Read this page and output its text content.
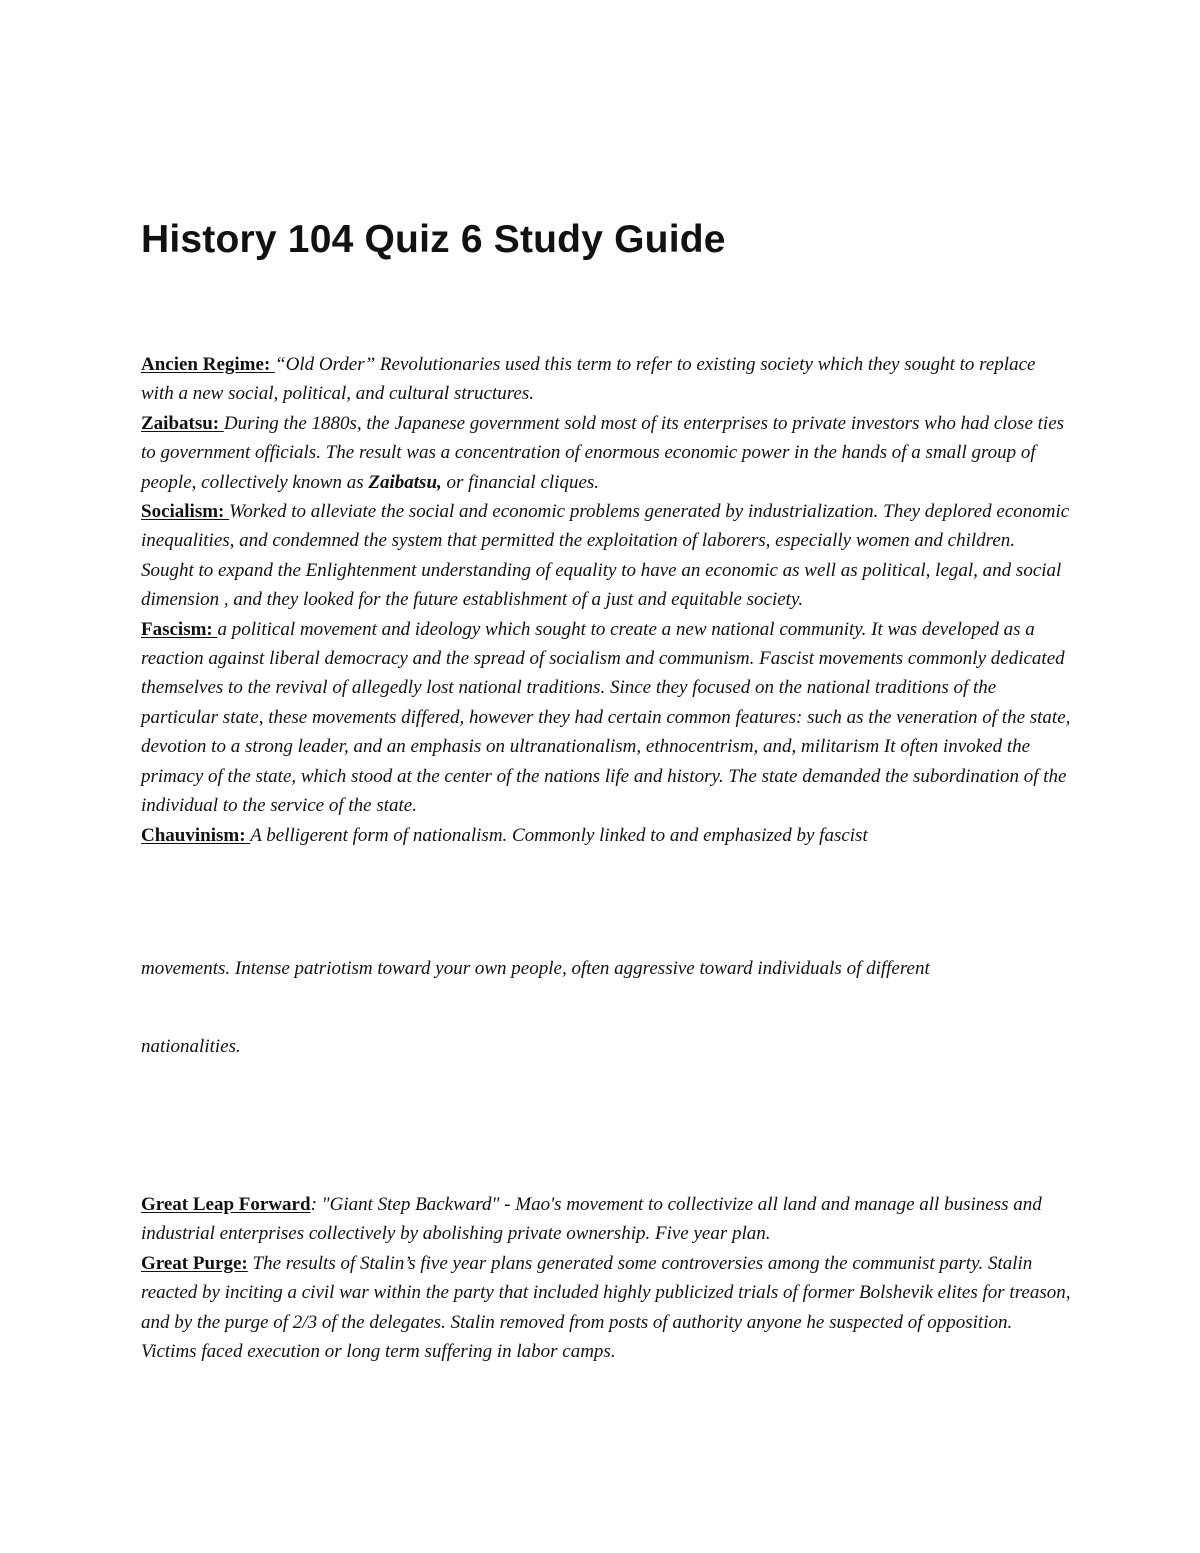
History 104 Quiz 6 Study Guide

Ancien Regime: “Old Order” Revolutionaries used this term to refer to existing society which they sought to replace with a new social, political, and cultural structures.

Zaibatsu: During the 1880s, the Japanese government sold most of its enterprises to private investors who had close ties to government officials. The result was a concentration of enormous economic power in the hands of a small group of people, collectively known as Zaibatsu, or financial cliques.

Socialism: Worked to alleviate the social and economic problems generated by industrialization. They deplored economic inequalities, and condemned the system that permitted the exploitation of laborers, especially women and children. Sought to expand the Enlightenment understanding of equality to have an economic as well as political, legal, and social dimension , and they looked for the future establishment of a just and equitable society.

Fascism: a political movement and ideology which sought to create a new national community. It was developed as a reaction against liberal democracy and the spread of socialism and communism. Fascist movements commonly dedicated themselves to the revival of allegedly lost national traditions. Since they focused on the national traditions of the particular state, these movements differed, however they had certain common features: such as the veneration of the state, devotion to a strong leader, and an emphasis on ultranationalism, ethnocentrism, and, militarism It often invoked the primacy of the state, which stood at the center of the nations life and history. The state demanded the subordination of the individual to the service of the state.

Chauvinism: A belligerent form of nationalism. Commonly linked to and emphasized by fascist

movements. Intense patriotism toward your own people, often aggressive toward individuals of different
nationalities.

Great Leap Forward: "Giant Step Backward" - Mao's movement to collectivize all land and manage all business and industrial enterprises collectively by abolishing private ownership. Five year plan.

Great Purge: The results of Stalin’s five year plans generated some controversies among the communist party. Stalin reacted by inciting a civil war within the party that included highly publicized trials of former Bolshevik elites for treason, and by the purge of 2/3 of the delegates. Stalin removed from posts of authority anyone he suspected of opposition. Victims faced execution or long term suffering in labor camps.
